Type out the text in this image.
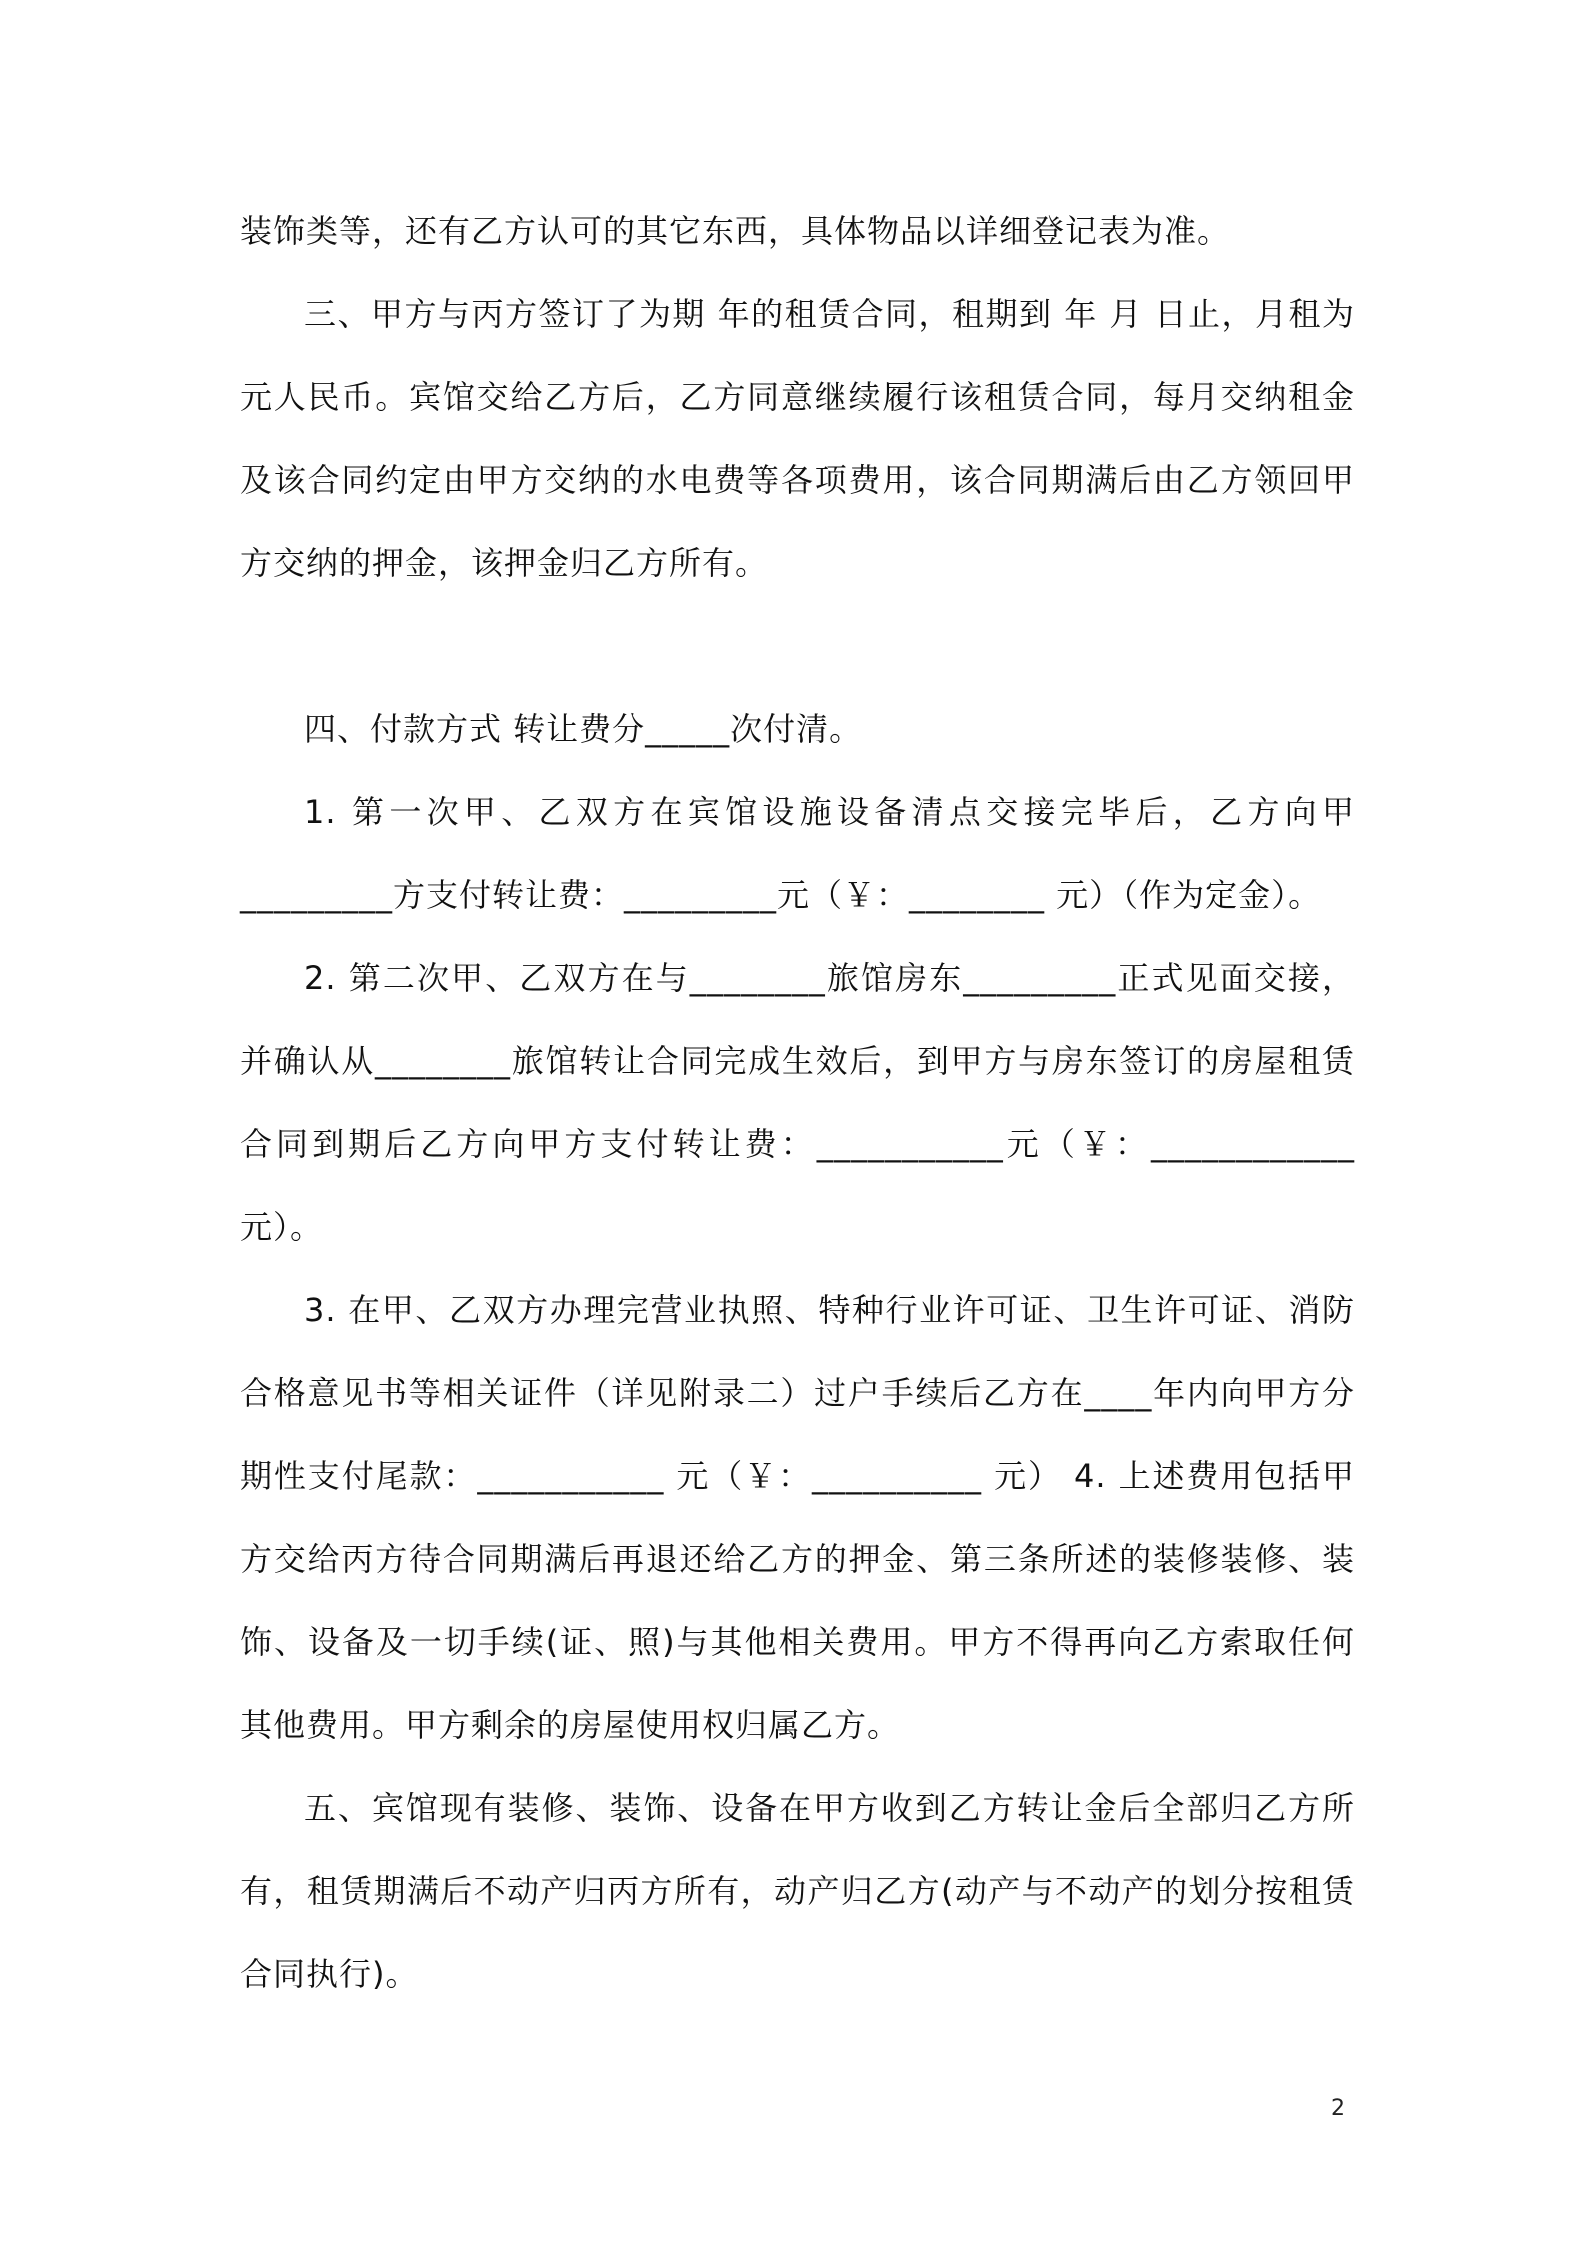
装饰类等，还有乙方认可的其它东西，具体物品以详细登记表为准。

三、甲方与丙方签订了为期 年的租赁合同，租期到 年 月 日止，月租为 元人民币。宾馆交给乙方后，乙方同意继续履行该租赁合同，每月交纳租金及该合同约定由甲方交纳的水电费等各项费用，该合同期满后由乙方领回甲方交纳的押金，该押金归乙方所有。

四、付款方式 转让费分_____次付清。

1. 第一次甲、乙双方在宾馆设施设备清点交接完毕后，乙方向甲_________方支付转让费：_________元（￥：________ 元）（作为定金）。

2. 第二次甲、乙双方在与________旅馆房东_________正式见面交接，并确认从________旅馆转让合同完成生效后，到甲方与房东签订的房屋租赁合同到期后乙方向甲方支付转让费：___________元（￥：____________元）。

3. 在甲、乙双方办理完营业执照、特种行业许可证、卫生许可证、消防合格意见书等相关证件（详见附录二）过户手续后乙方在____年内向甲方分期性支付尾款：___________ 元（￥：__________ 元） 4. 上述费用包括甲方交给丙方待合同期满后再退还给乙方的押金、第三条所述的装修装修、装饰、设备及一切手续(证、照)与其他相关费用。甲方不得再向乙方索取任何其他费用。甲方剩余的房屋使用权归属乙方。

五、宾馆现有装修、装饰、设备在甲方收到乙方转让金后全部归乙方所有，租赁期满后不动产归丙方所有，动产归乙方(动产与不动产的划分按租赁合同执行)。

2
